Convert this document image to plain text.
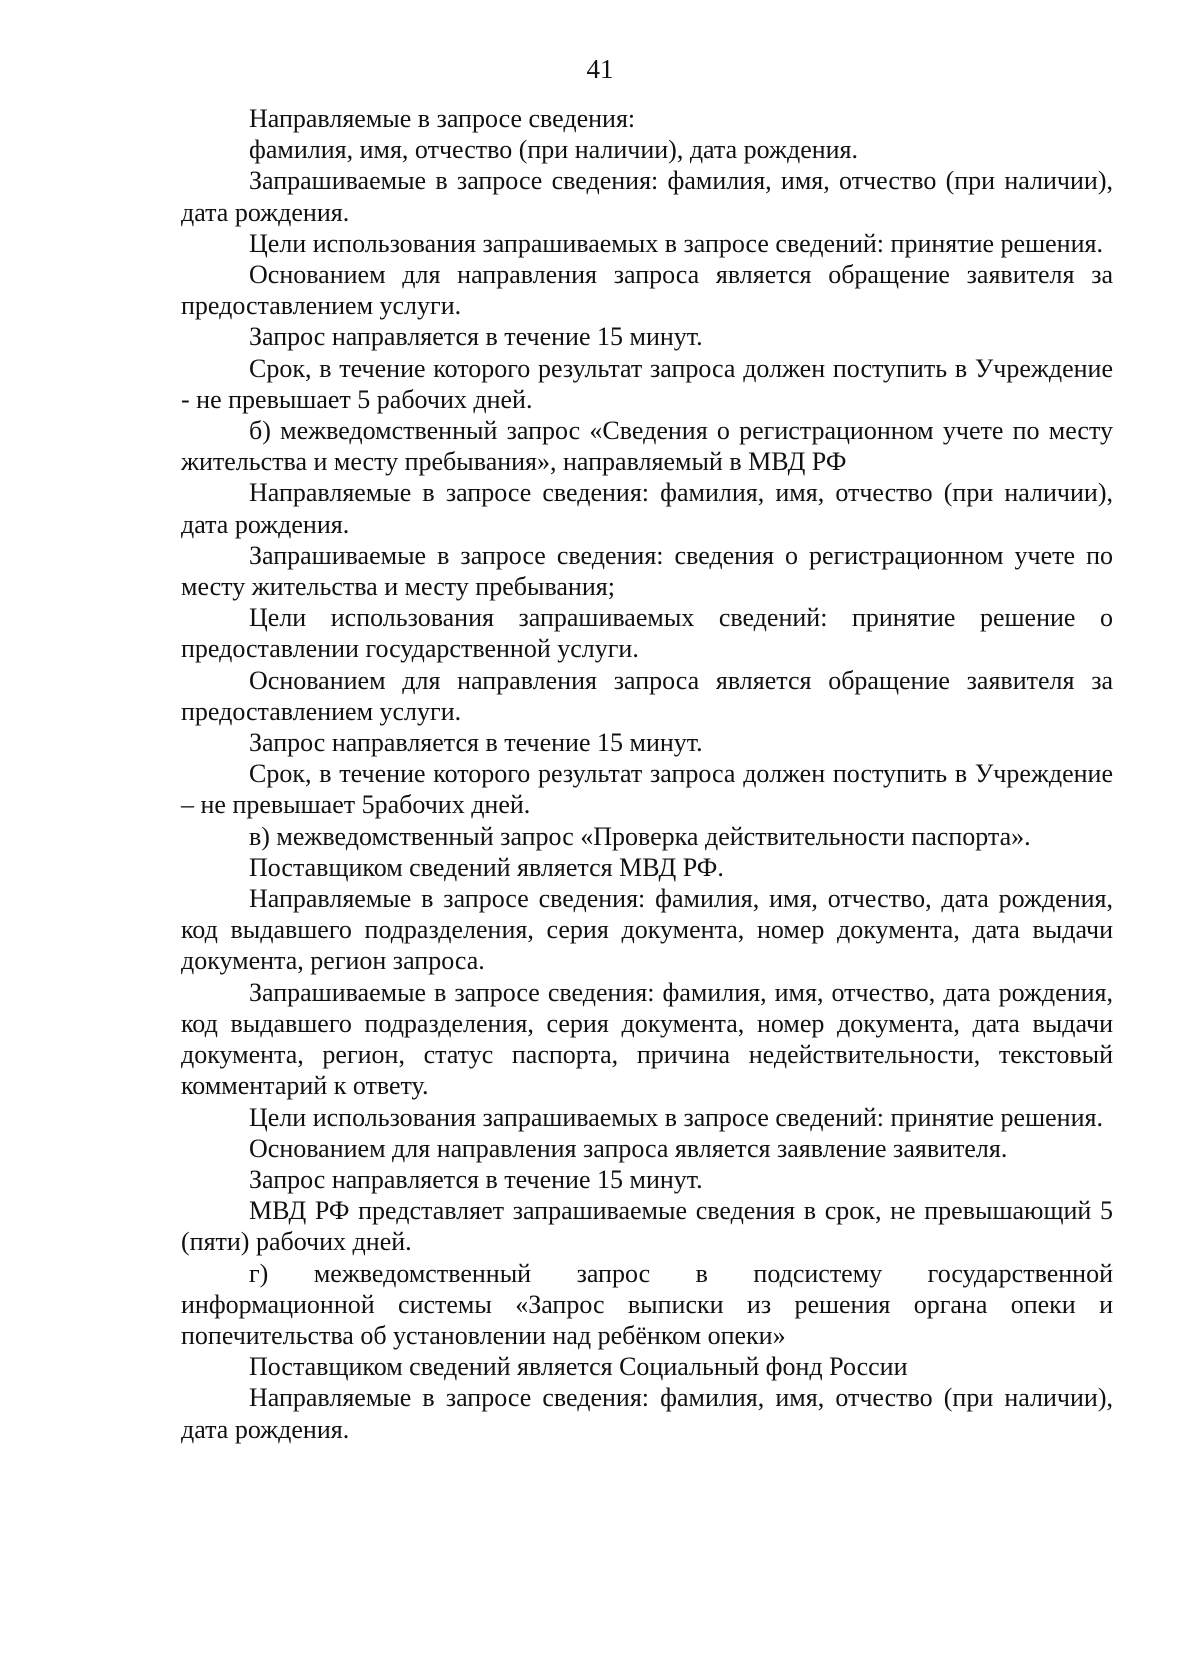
41

Направляемые в запросе сведения:

фамилия, имя, отчество (при наличии), дата рождения.

Запрашиваемые в запросе сведения: фамилия, имя, отчество (при наличии), дата рождения.

Цели использования запрашиваемых в запросе сведений: принятие решения.

Основанием для направления запроса является обращение заявителя за предоставлением услуги.

Запрос направляется в течение 15 минут.

Срок, в течение которого результат запроса должен поступить в Учреждение - не превышает 5 рабочих дней.

б) межведомственный запрос «Сведения о регистрационном учете по месту жительства и месту пребывания», направляемый в МВД РФ

Направляемые в запросе сведения: фамилия, имя, отчество (при наличии), дата рождения.

Запрашиваемые в запросе сведения: сведения о регистрационном учете по месту жительства и месту пребывания;

Цели использования запрашиваемых сведений: принятие решение о предоставлении государственной услуги.

Основанием для направления запроса является обращение заявителя за предоставлением услуги.

Запрос направляется в течение 15 минут.

Срок, в течение которого результат запроса должен поступить в Учреждение – не превышает 5рабочих дней.

в) межведомственный запрос «Проверка действительности паспорта».

Поставщиком сведений является МВД РФ.

Направляемые в запросе сведения: фамилия, имя, отчество, дата рождения, код выдавшего подразделения, серия документа, номер документа, дата выдачи документа, регион запроса.

Запрашиваемые в запросе сведения: фамилия, имя, отчество, дата рождения, код выдавшего подразделения, серия документа, номер документа, дата выдачи документа, регион, статус паспорта, причина недействительности, текстовый комментарий к ответу.

Цели использования запрашиваемых в запросе сведений: принятие решения.

Основанием для направления запроса является заявление заявителя.

Запрос направляется в течение 15 минут.

МВД РФ представляет запрашиваемые сведения в срок, не превышающий 5 (пяти) рабочих дней.

г) межведомственный запрос в подсистему государственной информационной системы «Запрос выписки из решения органа опеки и попечительства об установлении над ребёнком опеки»

Поставщиком сведений является Социальный фонд России

Направляемые в запросе сведения: фамилия, имя, отчество (при наличии), дата рождения.
